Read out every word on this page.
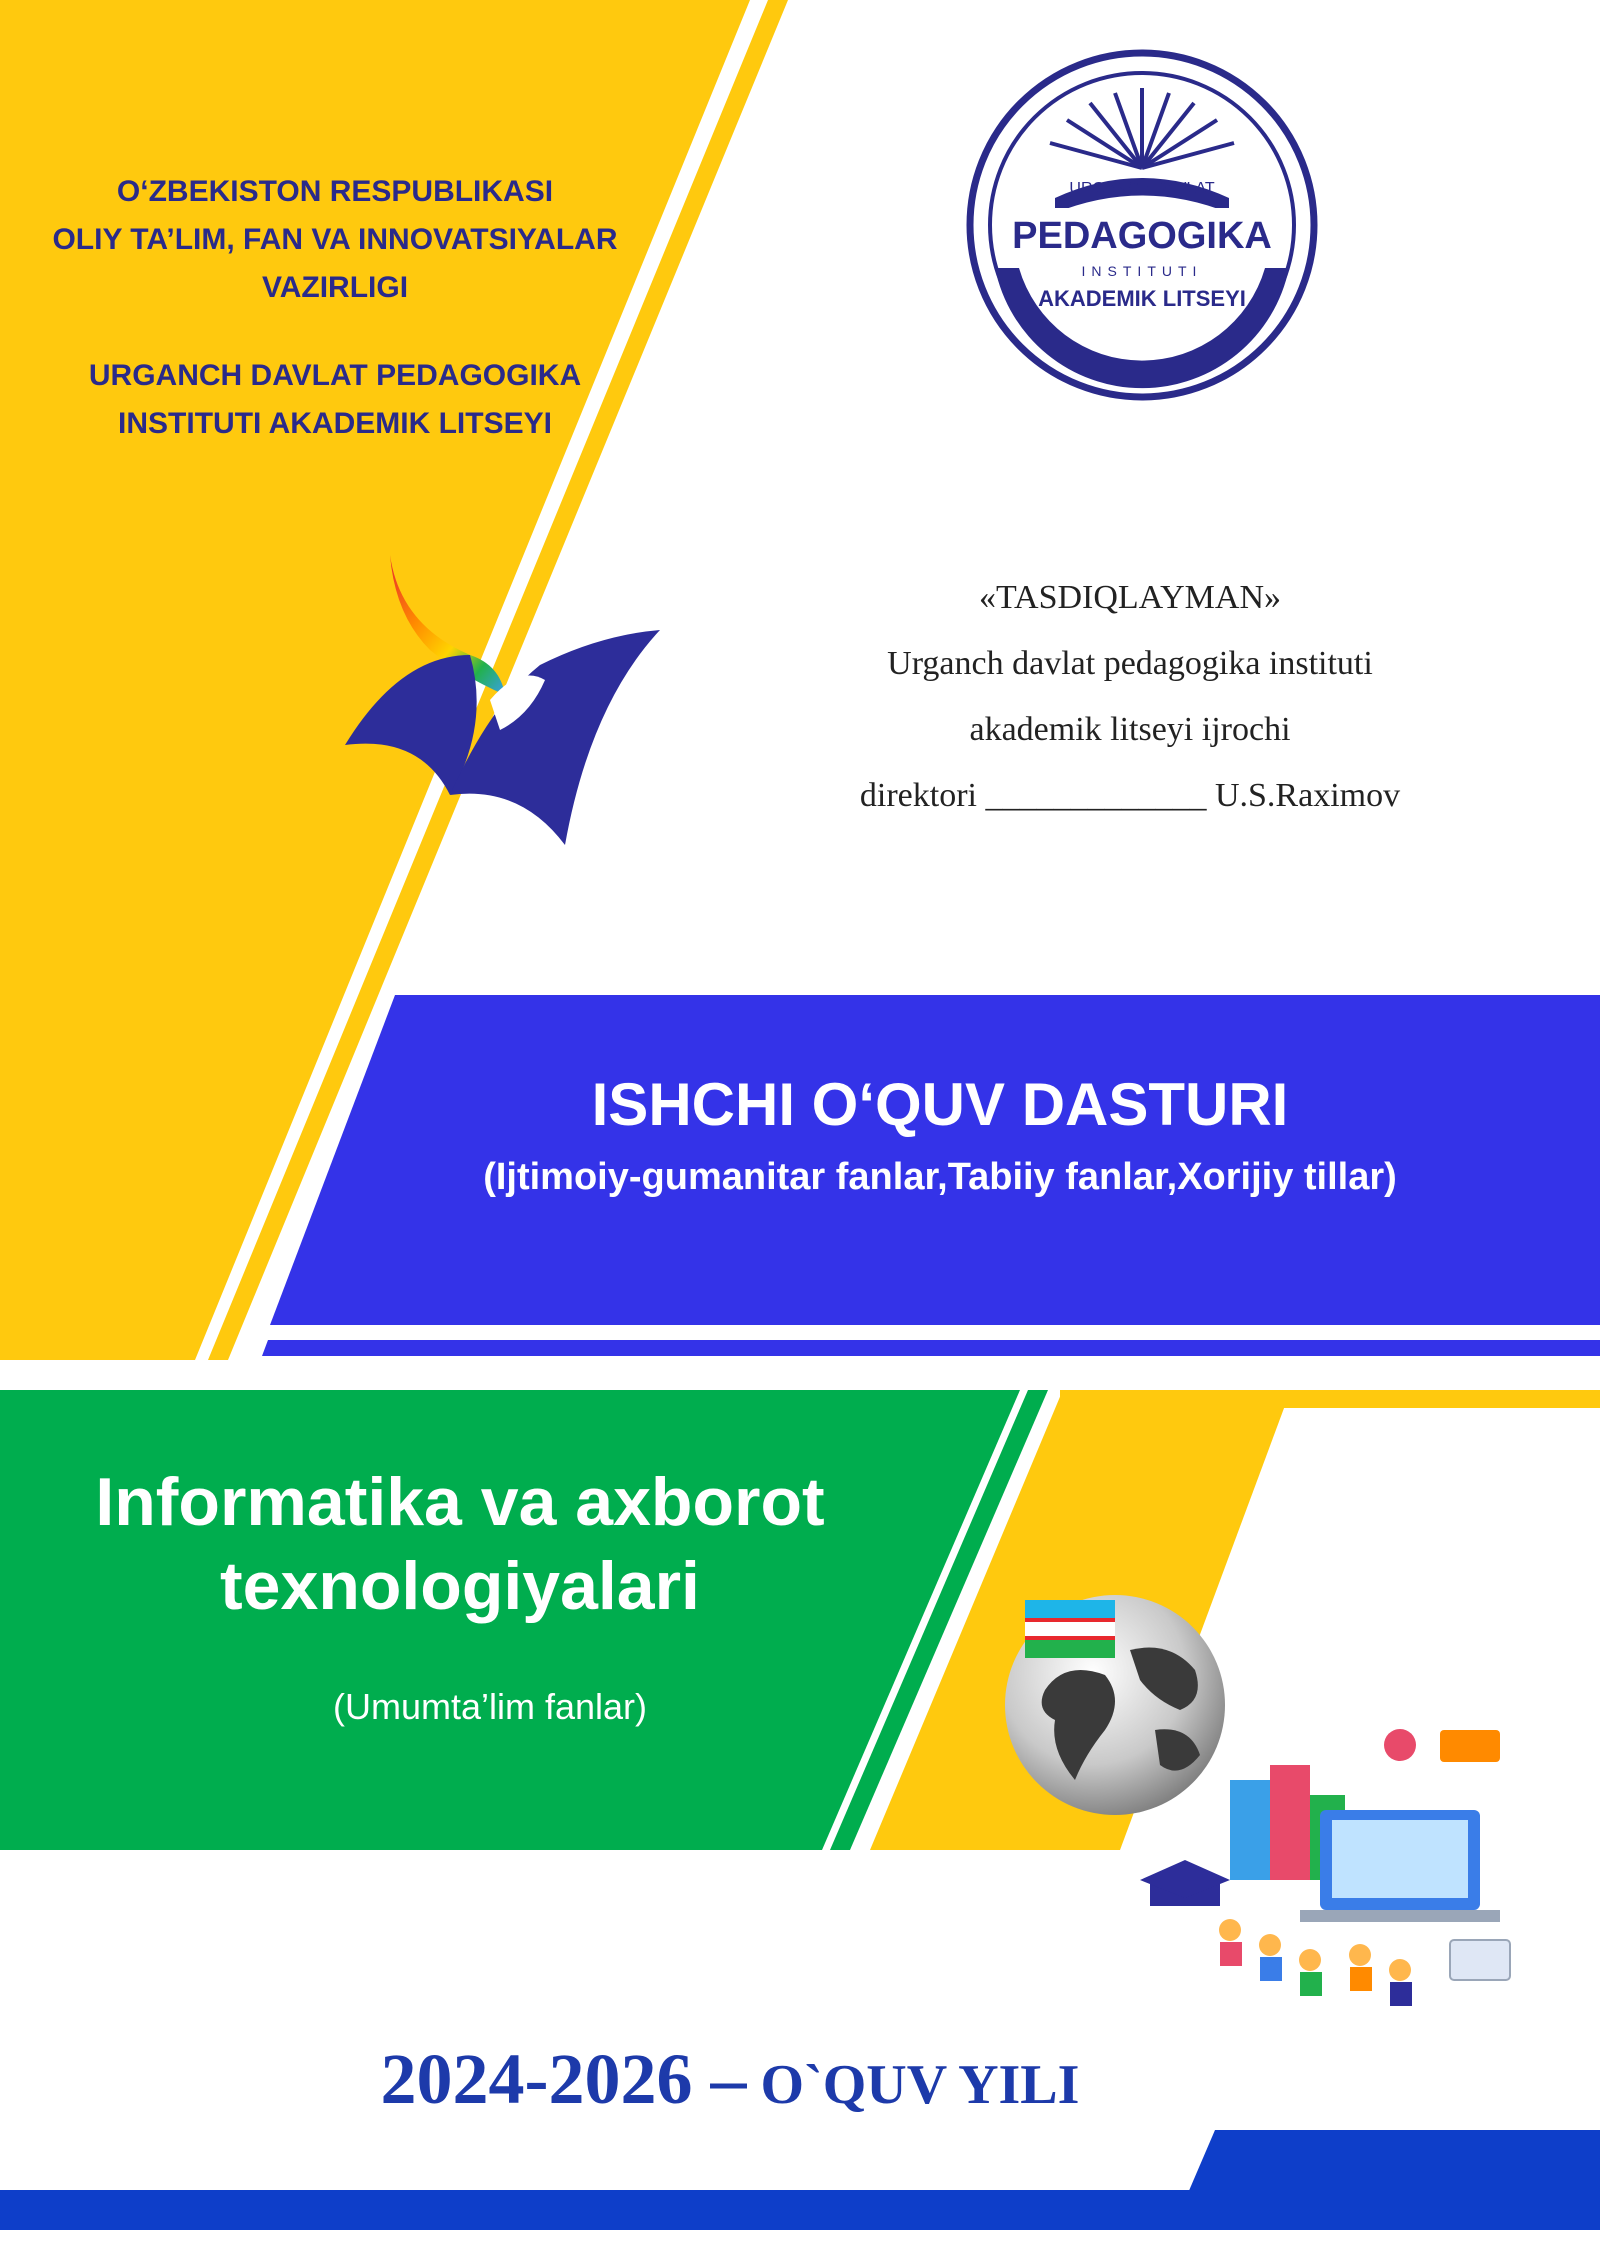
URGANCH DAVLAT
PEDAGOGIKA
INSTITUTI
AKADEMIK LITSEYI
O‘ZBEKISTON RESPUBLIKASI
OLIY TA’LIM, FAN VA INNOVATSIYALAR
VAZIRLIGI
URGANCH DAVLAT PEDAGOGIKA
INSTITUTI AKADEMIK LITSEYI
«TASDIQLAYMAN»
Urganch davlat pedagogika instituti
akademik litseyi ijrochi
direktori _____________ U.S.Raximov
ISHCHI O‘QUV DASTURI
(Ijtimoiy-gumanitar fanlar,Tabiiy fanlar,Xorijiy tillar)
Informatika va axborot
texnologiyalari
(Umumta’lim fanlar)
2024-2026 – O`QUV YILI
